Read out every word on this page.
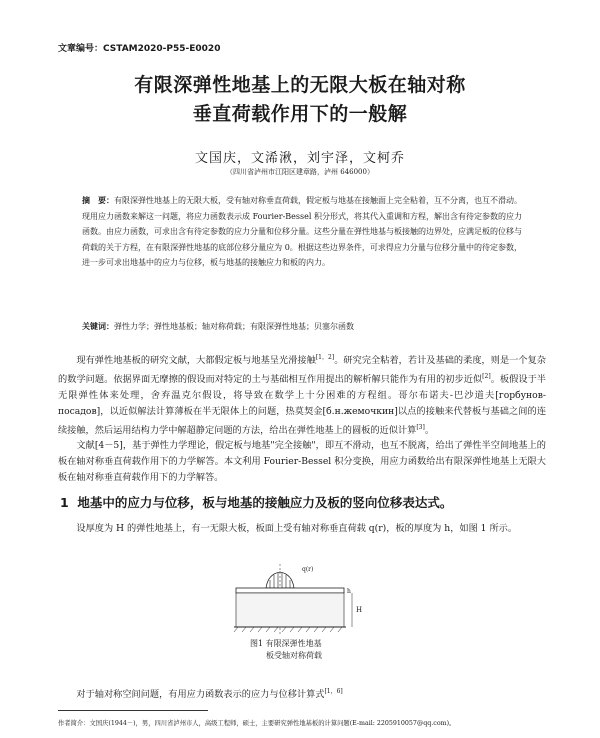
文章编号：CSTAM2020-P55-E0020
有限深弹性地基上的无限大板在轴对称
垂直荷载作用下的一般解
文国庆，文浠湫，刘宇泽，文柯乔
（四川省泸州市江阳区建章路，泸州 646000）
摘　要：有限深弹性地基上的无限大板，受有轴对称垂直荷载，假定板与地基在接触面上完全粘着，互不分离，也互不滑动。现用应力函数来解这一问题，将应力函数表示成 Fourier-Bessel 积分形式，将其代入重调和方程，解出含有待定参数的应力函数。由应力函数，可求出含有待定参数的应力分量和位移分量。这些分量在弹性地基与板接触的边界处，应满足板的位移与荷载的关于方程，在有限深弹性地基的底部位移分量应为 0。根据这些边界条件，可求得应力分量与位移分量中的待定参数，进一步可求出地基中的应力与位移，板与地基的接触应力和板的内力。
关键词：弹性力学；弹性地基板；轴对称荷载；有限深弹性地基；贝塞尔函数
现有弹性地基板的研究文献，大都假定板与地基呈光滑接触[1，2]。研究完全粘着，若计及基础的柔度，则是一个复杂的数学问题。依据界面无摩擦的假设而对特定的土与基础相互作用提出的解析解只能作为有用的初步近似[2]。板假设于半无限弹性体来处理，舍弃温克尔假设，将导致在数学上十分困难的方程组。哥尔布诺夫-巴沙道夫[горбунов-посадов]，以近似解法计算薄板在半无限体上的问题，热莫契金[б.н.жемочкин]以点的接触来代替板与基础之间的连续接触，然后运用结构力学中解超静定问题的方法，给出在弹性地基上的圆板的近似计算[3]。
文献[4－5]，基于弹性力学理论，假定板与地基"完全接触"，即互不滑动，也互不脱离，给出了弹性半空间地基上的板在轴对称垂直荷载作用下的力学解答。本文利用 Fourier-Bessel 积分变换，用应力函数给出有限深弹性地基上无限大板在轴对称垂直荷载作用下的力学解答。
1 地基中的应力与位移，板与地基的接触应力及板的竖向位移表达式。
设厚度为 H 的弹性地基上，有一无限大板，板面上受有轴对称垂直荷载 q(r)，板的厚度为 h，如图 1 所示。
q(r)
h
H
图1 有限深弹性地基
板受轴对称荷载
对于轴对称空间问题，有用应力函数表示的应力与位移计算式[1，6]
作者简介：文国庆(1944－)，男，四川省泸州市人，高级工程师，硕士，主要研究弹性地基板的计算问题(E-mail: 2205910057@qq.com)。
